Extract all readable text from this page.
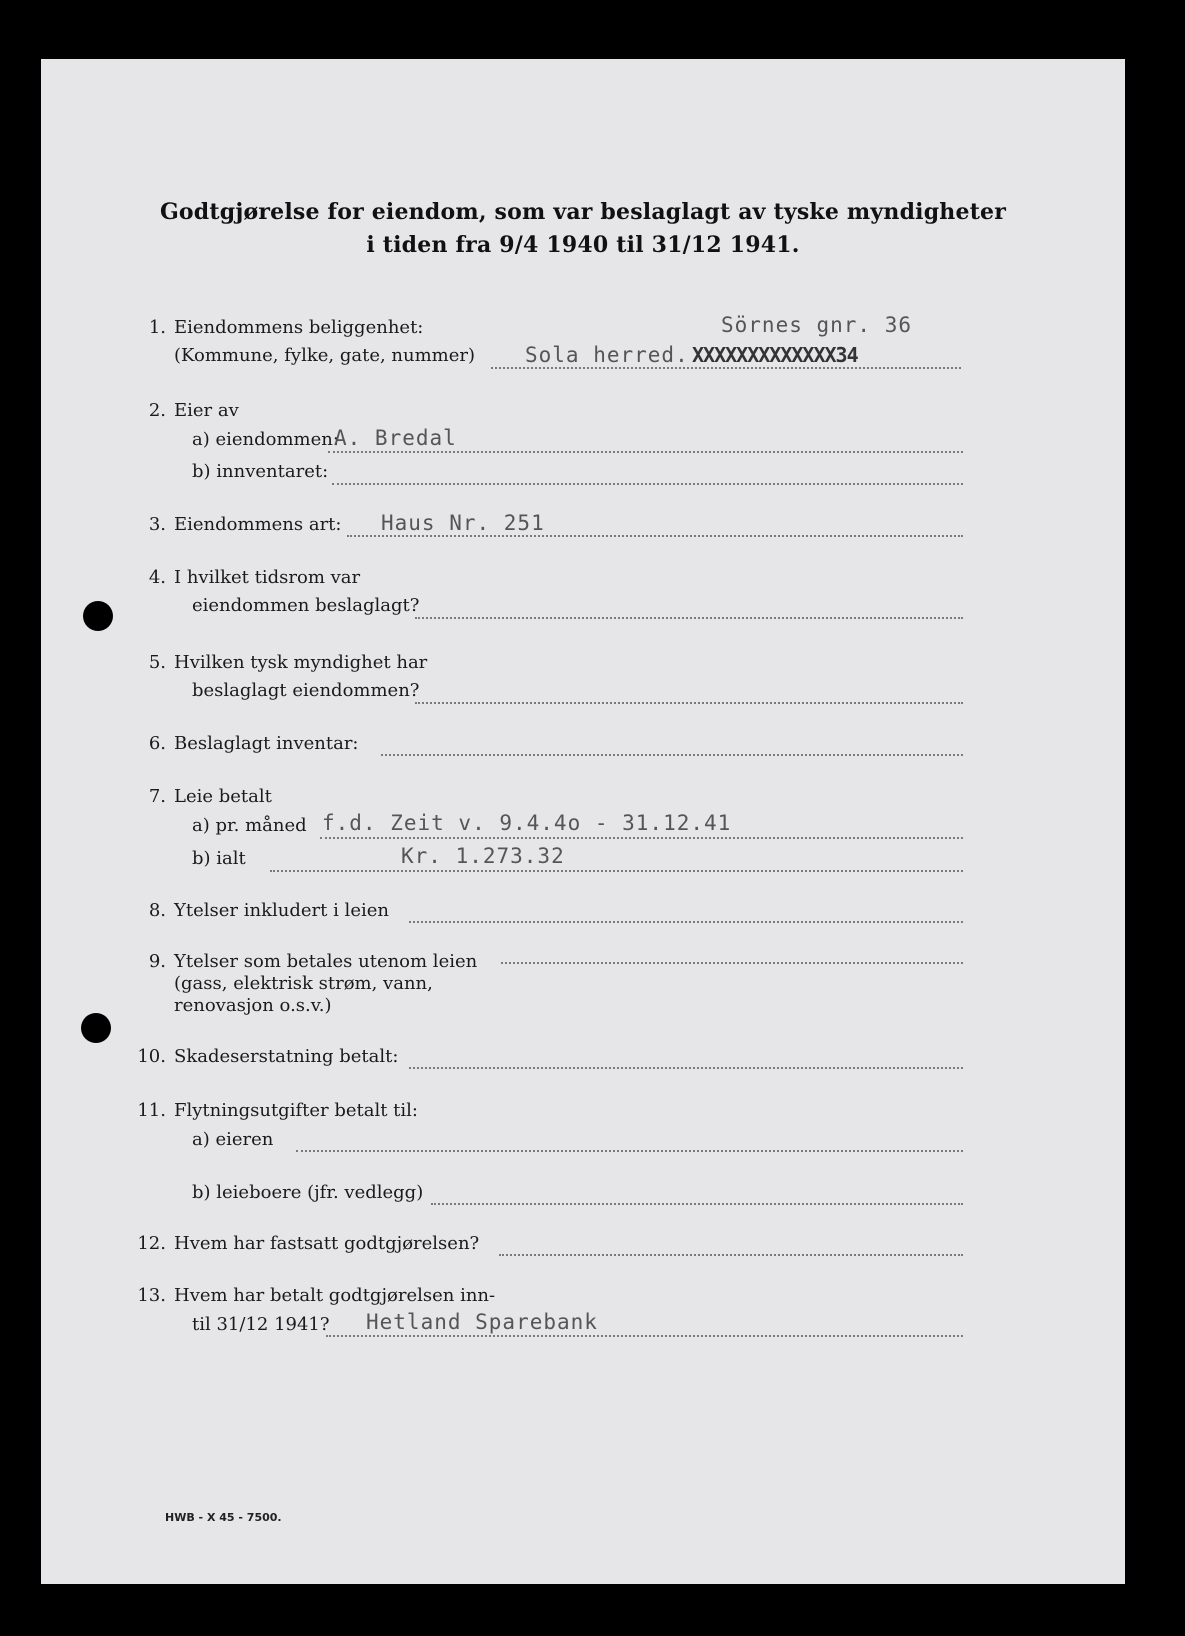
Godtgjørelse for eiendom, som var beslaglagt av tyske myndigheter
i tiden fra 9/4 1940 til 31/12 1941.
1. Eiendommens beliggenhet:
(Kommune, fylke, gate, nummer)
Sörnes gnr. 36
Sola herred. XXXXXXXXXXXXX34
2. Eier av
a) eiendommen:
A. Bredal
b) innventaret:
3. Eiendommens art: Haus Nr. 251
4. I hvilket tidsrom var
eiendommen beslaglagt?
5. Hvilken tysk myndighet har
beslaglagt eiendommen?
6. Beslaglagt inventar:
7. Leie betalt
a) pr. måned f.d. Zeit v. 9.4.4o - 31.12.41
b) ialt	Kr. 1.273.32
8. Ytelser inkludert i leien
9. Ytelser som betales utenom leien
(gass, elektrisk strøm, vann,
renovasjon o.s.v.)
10. Skadeserstatning betalt:
11. Flytningsutgifter betalt til:
a) eieren
b) leieboere (jfr. vedlegg)
12. Hvem har fastsatt godtgjørelsen?
13. Hvem har betalt godtgjørelsen inn-
til 31/12 1941? Hetland Sparebank
HWB - X 45 - 7500.
